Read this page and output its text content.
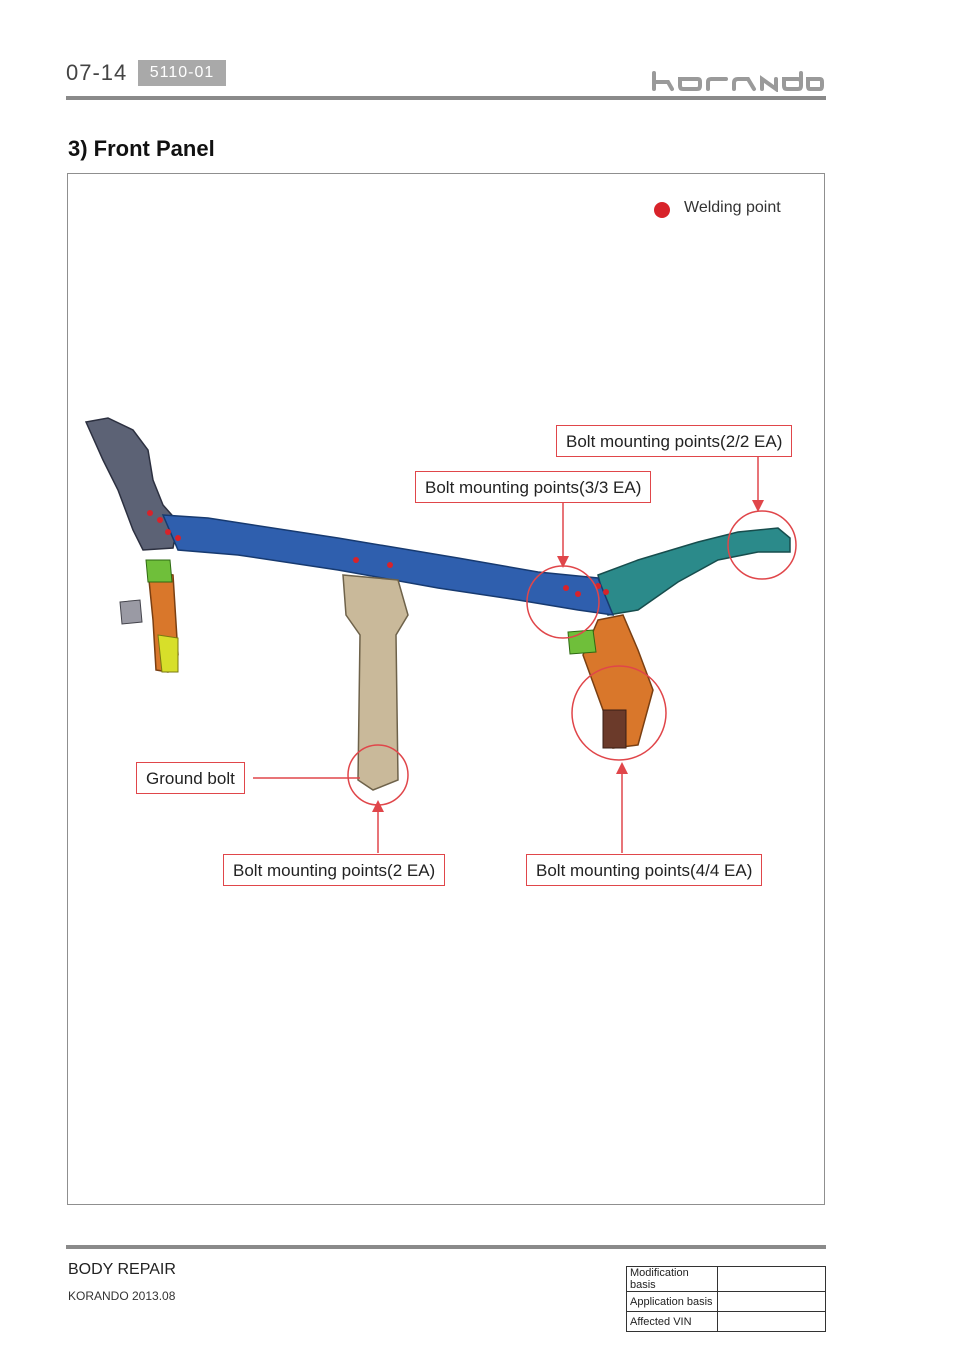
07-14	5110-01
3) Front Panel
Welding point
Bolt mounting points(2/2 EA)
Bolt mounting points(3/3 EA)
Ground bolt
Bolt mounting points(2 EA)	Bolt mounting points(4/4 EA)
BODY REPAIR
KORANDO 2013.08
Modification basis	
Application basis	
Affected VIN	
